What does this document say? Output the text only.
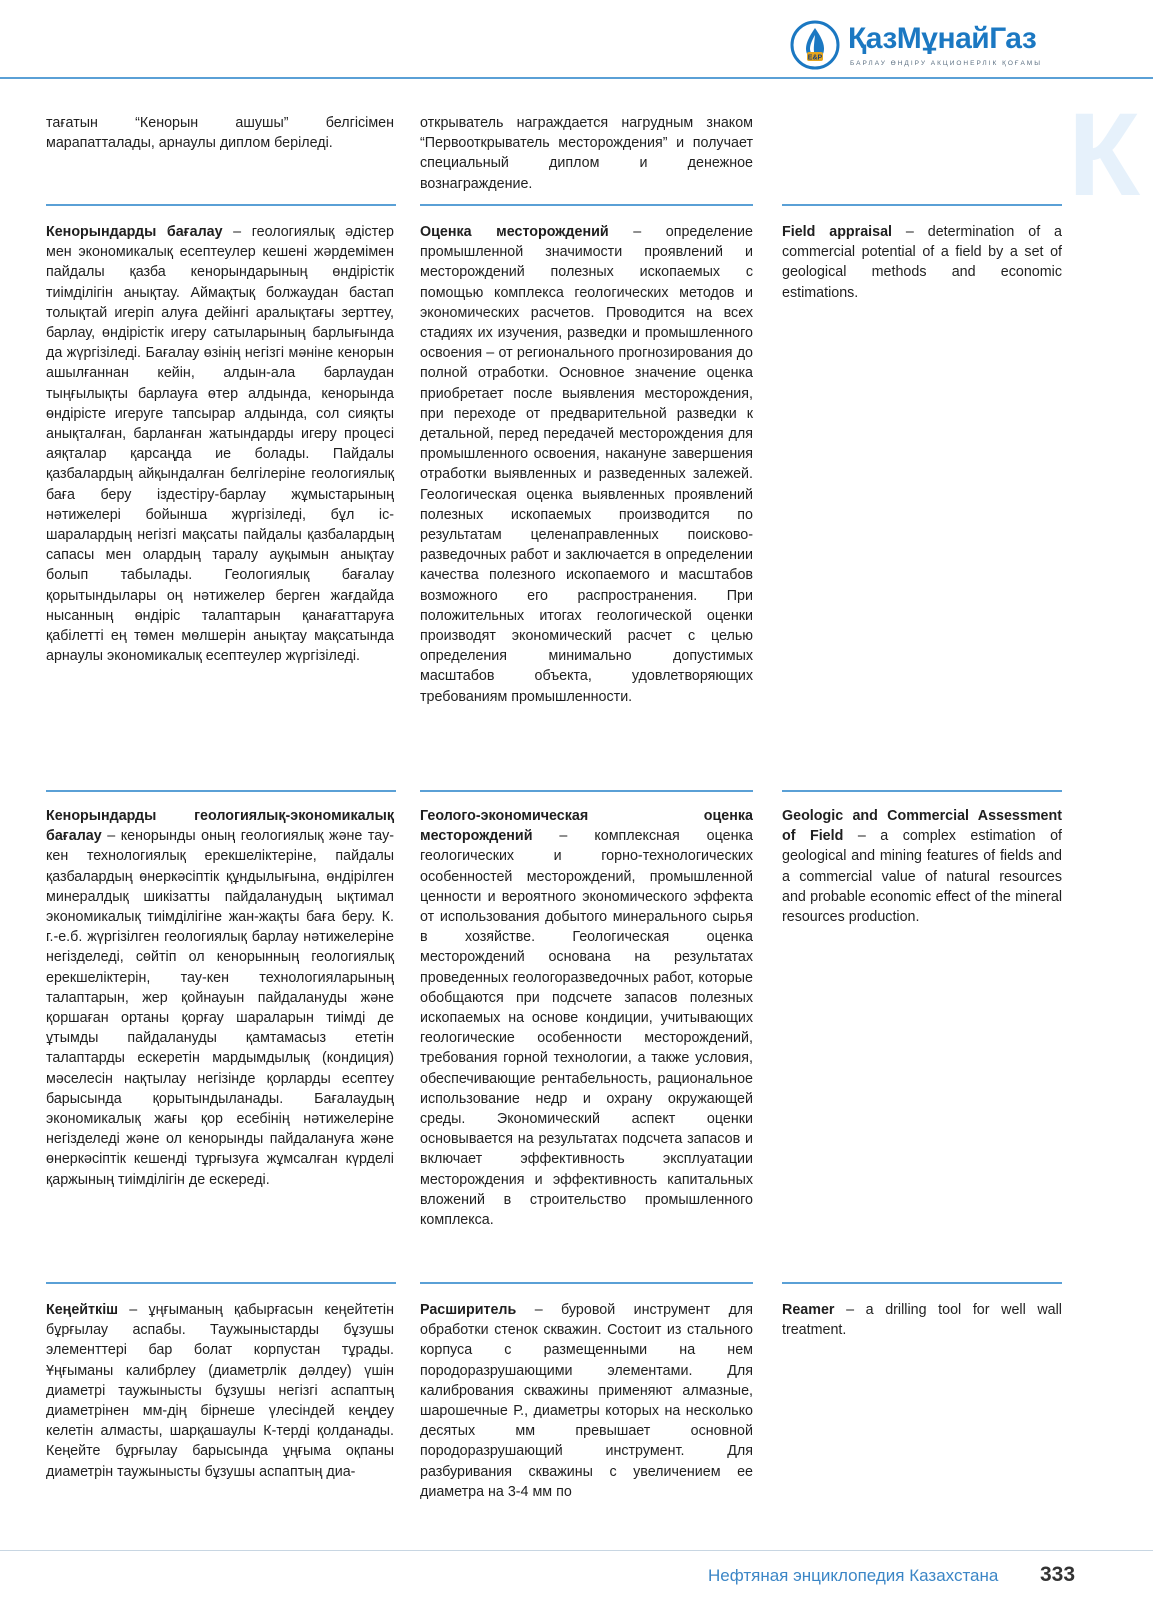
E&P
ҚазМұнайГаз
БАРЛАУ ӨНДІРУ АКЦИОНЕРЛІК ҚОҒАМЫ
К
тағатын “Кенорын ашушы” белгісімен марапатталады, арнаулы диплом беріледі.
открыватель награждается нагрудным знаком “Первооткрыватель месторождения” и получает специальный диплом и денежное вознаграждение.
Кенорындарды бағалау – геологиялық әдістер мен экономикалық есептеулер кешені жәрдемімен пайдалы қазба кенорындарының өндірістік тиімділігін анықтау. Аймақтық болжаудан бастап толықтай игеріп алуға дейінгі аралықтағы зерттеу, барлау, өндірістік игеру сатыларының барлығында да жүргізіледі. Бағалау өзінің негізгі мәніне кенорын ашылғаннан кейін, алдын-ала барлаудан тыңғылықты барлауға өтер алдында, кенорында өндірісте игеруге тапсырар алдында, сол сияқты анықталған, барланған жатындарды игеру процесі аяқталар қарсаңда ие болады. Пайдалы қазбалардың айқындалған белгілеріне геологиялық баға беру іздестіру-барлау жұмыстарының нәтижелері бойынша жүргізіледі, бұл іс-шаралардың негізгі мақсаты пайдалы қазбалардың сапасы мен олардың таралу ауқымын анықтау болып табылады. Геологиялық бағалау қорытындылары оң нәтижелер берген жағдайда нысанның өндіріс талаптарын қанағаттаруға қабілетті ең төмен мөлшерін анықтау мақсатында арнаулы экономикалық есептеулер жүргізіледі.
Оценка месторождений – определение промышленной значимости проявлений и месторождений полезных ископаемых с помощью комплекса геологических методов и экономических расчетов. Проводится на всех стадиях их изучения, разведки и промышленного освоения – от регионального прогнозирования до полной отработки. Основное значение оценка приобретает после выявления месторождения, при переходе от предварительной разведки к детальной, перед передачей месторождения для промышленного освоения, накануне завершения отработки выявленных и разведенных залежей. Геологическая оценка выявленных проявлений полезных ископаемых производится по результатам целенаправленных поисково-разведочных работ и заключается в определении качества полезного ископаемого и масштабов возможного его распространения. При положительных итогах геологической оценки производят экономический расчет с целью определения минимально допустимых масштабов объекта, удовлетворяющих требованиям промышленности.
Field appraisal – determination of a commercial potential of a field by a set of geological methods and economic estimations.
Кенорындарды геологиялық-экономикалық бағалау – кенорынды оның геологиялық және тау-кен технологиялық ерекшеліктеріне, пайдалы қазбалардың өнеркәсіптік құндылығына, өндірілген минералдық шикізатты пайдаланудың ықтимал экономикалық тиімділігіне жан-жақты баға беру. К. г.-е.б. жүргізілген геологиялық барлау нәтижелеріне негізделеді, сөйтіп ол кенорынның геологиялық ерекшеліктерін, тау-кен технологияларының талаптарын, жер қойнауын пайдалануды және қоршаған ортаны қорғау шараларын тиімді де ұтымды пайдалануды қамтамасыз ететін талаптарды ескеретін мардымдылық (кондиция) мәселесін нақтылау негізінде қорларды есептеу барысында қорытындыланады. Бағалаудың экономикалық жағы қор есебінің нәтижелеріне негізделеді және ол кенорынды пайдалануға және өнеркәсіптік кешенді тұрғызуға жұмсалған күрделі қаржының тиімділігін де ескереді.
Геолого-экономическая оценка месторождений – комплексная оценка геологических и горно-технологических особенностей месторождений, промышленной ценности и вероятного экономического эффекта от использования добытого минерального сырья в хозяйстве. Геологическая оценка месторождений основана на результатах проведенных геологоразведочных работ, которые обобщаются при подсчете запасов полезных ископаемых на основе кондиции, учитывающих геологические особенности месторождений, требования горной технологии, а также условия, обеспечивающие рентабельность, рациональное использование недр и охрану окружающей среды. Экономический аспект оценки основывается на результатах подсчета запасов и включает эффективность эксплуатации месторождения и эффективность капитальных вложений в строительство промышленного комплекса.
Geologic and Commercial Assessment of Field – a complex estimation of geological and mining features of fields and a commercial value of natural resources and probable economic effect of the mineral resources production.
Кеңейткіш – ұңғыманың қабырғасын кеңейтетін бұрғылау аспабы. Таужыныстарды бұзушы элементтері бар болат корпустан тұрады. Ұңғыманы калибрлеу (диаметрлік дәлдеу) үшін диаметрі таужынысты бұзушы негізгі аспаптың диаметрінен мм-дің бірнеше үлесіндей кеңдеу келетін алмасты, шарқашаулы К-терді қолданады. Кеңейте бұрғылау барысында ұңғыма оқпаны диаметрін таужынысты бұзушы аспаптың диа-
Расширитель – буровой инструмент для обработки стенок скважин. Состоит из стального корпуса с размещенными на нем породоразрушающими элементами. Для калибрования скважины применяют алмазные, шарошечные Р., диаметры которых на несколько десятых мм превышает основной породоразрушающий инструмент. Для разбуривания скважины с увеличением ее диаметра на 3-4 мм по
Reamer – a drilling tool for well wall treatment.
Нефтяная энциклопедия Казахстана 333
